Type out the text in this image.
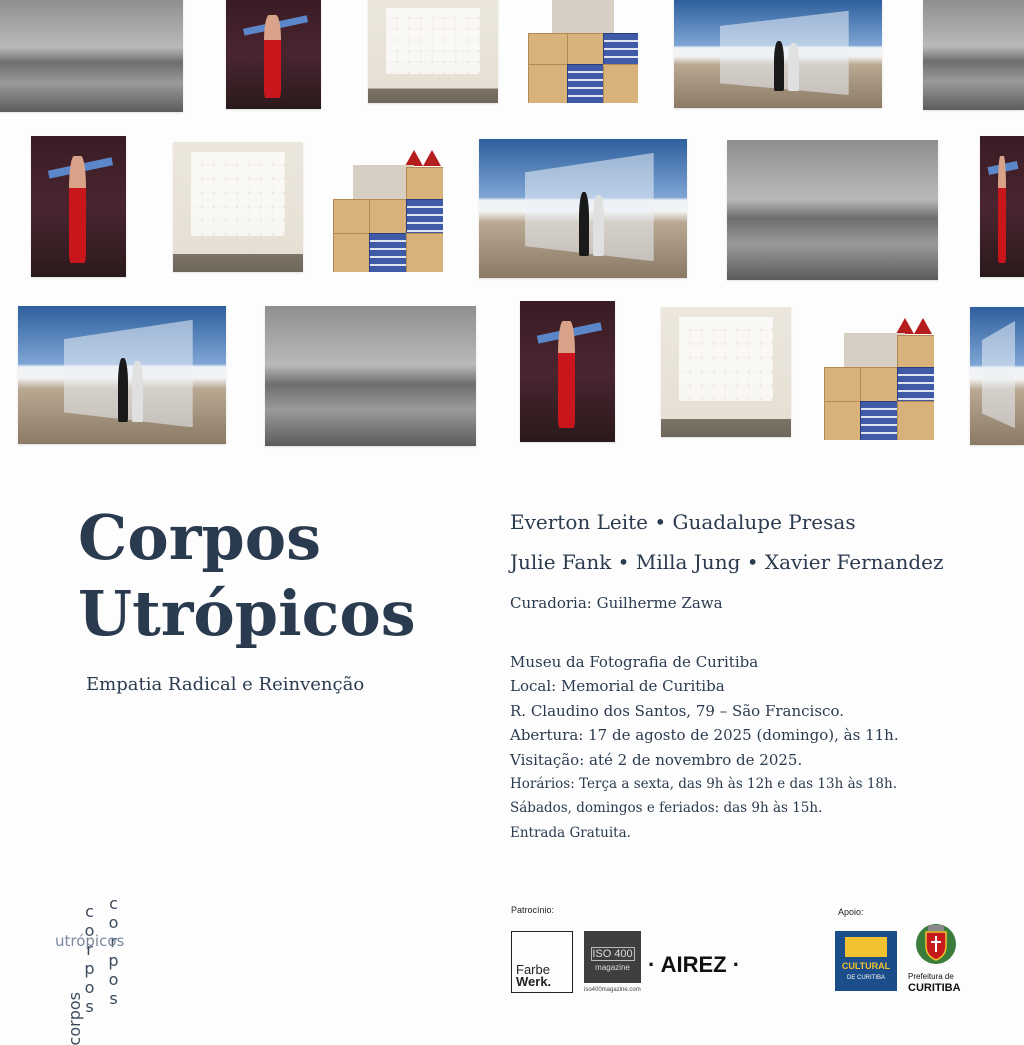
Corpos
Utrópicos
Empatia Radical e Reinvenção
Everton Leite • Guadalupe Presas
Julie Fank • Milla Jung • Xavier Fernandez
Curadoria: Guilherme Zawa
Museu da Fotografia de Curitiba
Local: Memorial de Curitiba
R. Claudino dos Santos, 79 – São Francisco.
Abertura: 17 de agosto de 2025 (domingo), às 11h.
Visitação: até 2 de novembro de 2025.
Horários: Terça a sexta, das 9h às 12h e das 13h às 18h.
Sábados, domingos e feriados: das 9h às 15h.
Entrada Gratuita.
corpos
corpos corpos
utrópicos
Patrocínio:
Farbe
Werk.
ISO 400
magazine
iso400magazine.com
· AIREZ ·
Apoio:
CULTURAL
DE CURITIBA	Prefeitura de
CURITIBA
